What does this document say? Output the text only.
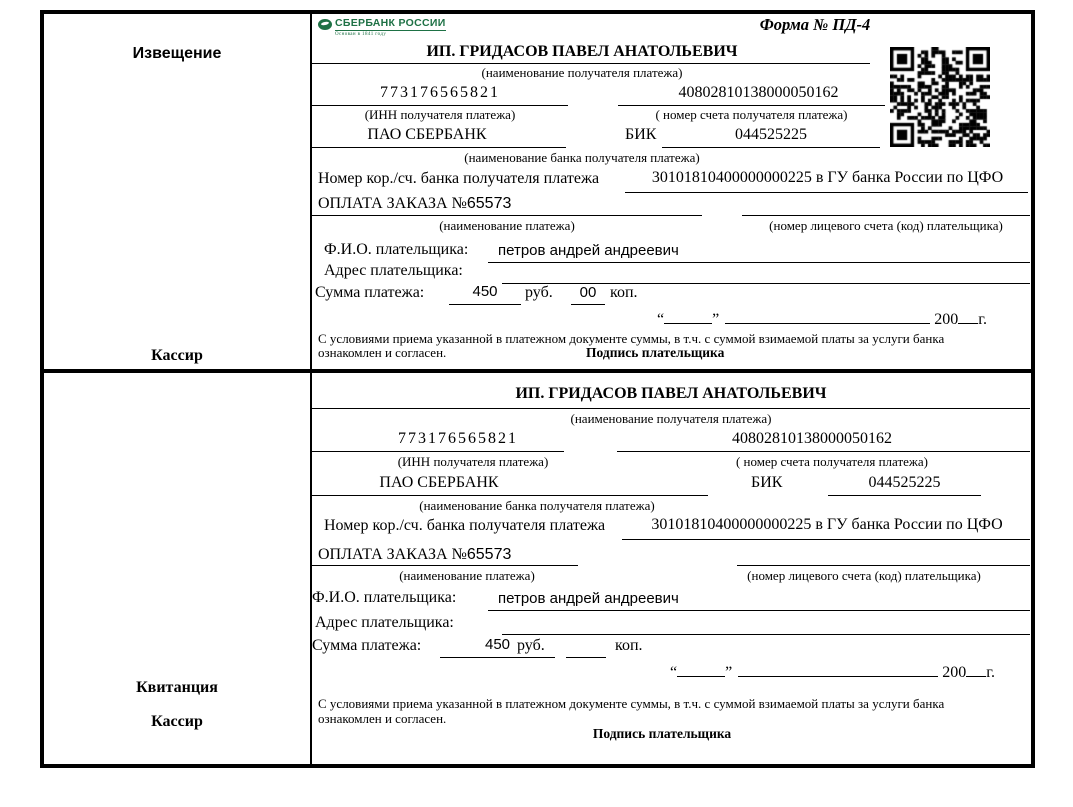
Извещение
Кассир
СБЕРБАНК РОССИИ
Основан в 1841 году
Форма № ПД-4
ИП. ГРИДАСОВ ПАВЕЛ АНАТОЛЬЕВИЧ
(наименование получателя платежа)
773176565821	40802810138000050162
(ИНН получателя платежа)	( номер счета получателя платежа)
ПАО СБЕРБАНК	БИК	044525225
(наименование банка получателя платежа)
Номер кор./сч. банка получателя платежа	30101810400000000225 в ГУ банка России по ЦФО
ОПЛАТА ЗАКАЗА №65573
(наименование платежа)	(номер лицевого счета (код) плательщика)
Ф.И.О. плательщика: петров андрей андреевич
Адрес плательщика:
Сумма платежа:	450	руб.	00 коп.
“	”	200 г.
С условиями приема указанной в платежном документе суммы, в т.ч. с суммой взимаемой платы за услуги банка
ознакомлен и согласен.	Подпись плательщика
Квитанция
Кассир
ИП. ГРИДАСОВ ПАВЕЛ АНАТОЛЬЕВИЧ
(наименование получателя платежа)
773176565821	40802810138000050162
(ИНН получателя платежа)	( номер счета получателя платежа)
ПАО СБЕРБАНК	БИК	044525225
(наименование банка получателя платежа)
Номер кор./сч. банка получателя платежа	30101810400000000225 в ГУ банка России по ЦФО
ОПЛАТА ЗАКАЗА №65573
(наименование платежа)	(номер лицевого счета (код) плательщика)
Ф.И.О. плательщика:	петров андрей андреевич
Адрес плательщика:
Сумма платежа:	450 руб.	коп.
“	”	200 г.
С условиями приема указанной в платежном документе суммы, в т.ч. с суммой взимаемой платы за услуги банка
ознакомлен и согласен.
Подпись плательщика
